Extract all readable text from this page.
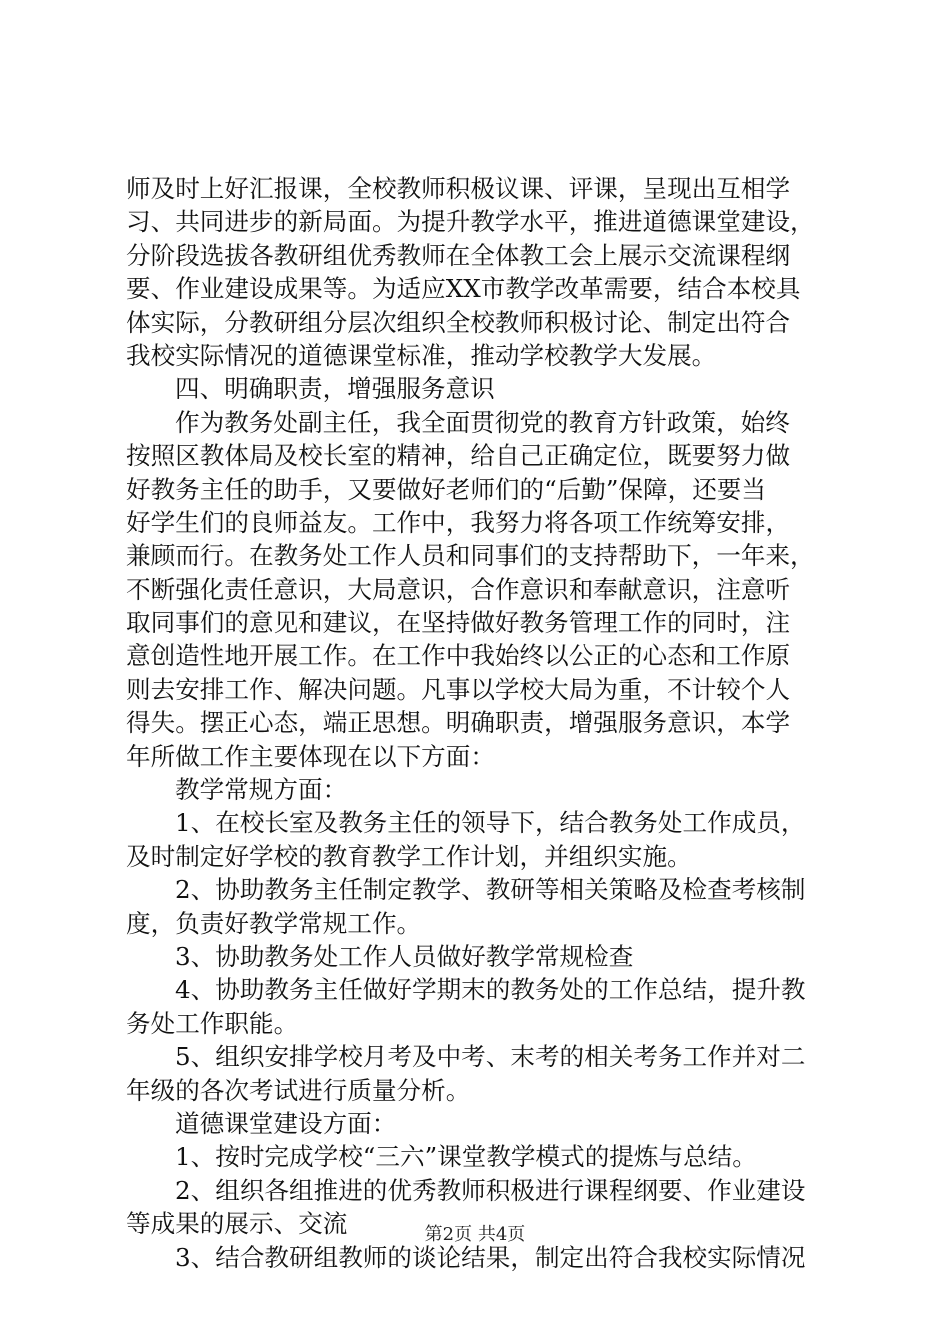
师及时上好汇报课，全校教师积极议课、评课，呈现出互相学
习、共同进步的新局面。为提升教学水平，推进道德课堂建设，
分阶段选拔各教研组优秀教师在全体教工会上展示交流课程纲
要、作业建设成果等。为适应XX市教学改革需要，结合本校具
体实际，分教研组分层次组织全校教师积极讨论、制定出符合
我校实际情况的道德课堂标准，推动学校教学大发展。
四、明确职责，增强服务意识
作为教务处副主任，我全面贯彻党的教育方针政策，始终
按照区教体局及校长室的精神，给自己正确定位，既要努力做
好教务主任的助手，又要做好老师们的“后勤”保障，还要当
好学生们的良师益友。工作中，我努力将各项工作统筹安排，
兼顾而行。在教务处工作人员和同事们的支持帮助下，一年来，
不断强化责任意识，大局意识，合作意识和奉献意识，注意听
取同事们的意见和建议，在坚持做好教务管理工作的同时，注
意创造性地开展工作。在工作中我始终以公正的心态和工作原
则去安排工作、解决问题。凡事以学校大局为重，不计较个人
得失。摆正心态，端正思想。明确职责，增强服务意识，本学
年所做工作主要体现在以下方面：
教学常规方面：
1、在校长室及教务主任的领导下，结合教务处工作成员，
及时制定好学校的教育教学工作计划，并组织实施。
2、协助教务主任制定教学、教研等相关策略及检查考核制
度，负责好教学常规工作。
3、协助教务处工作人员做好教学常规检查
4、协助教务主任做好学期末的教务处的工作总结，提升教
务处工作职能。
5、组织安排学校月考及中考、末考的相关考务工作并对二
年级的各次考试进行质量分析。
道德课堂建设方面：
1、按时完成学校“三六”课堂教学模式的提炼与总结。
2、组织各组推进的优秀教师积极进行课程纲要、作业建设
等成果的展示、交流
3、结合教研组教师的谈论结果，制定出符合我校实际情况
第2页 共4页
